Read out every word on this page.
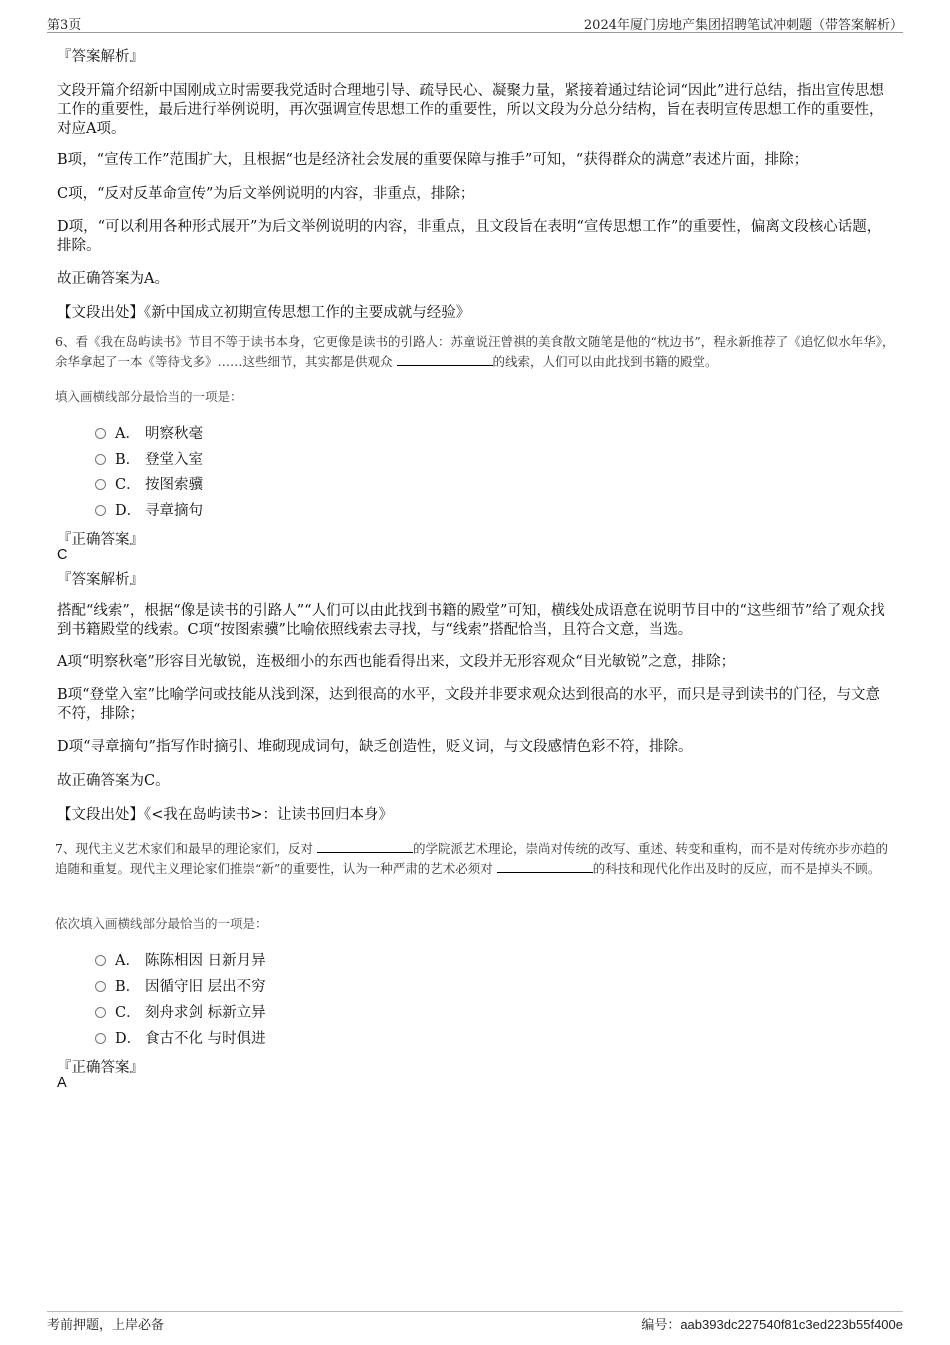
第3页	2024年厦门房地产集团招聘笔试冲刺题（带答案解析）
『答案解析』
文段开篇介绍新中国刚成立时需要我党适时合理地引导、疏导民心、凝聚力量，紧接着通过结论词“因此”进行总结，指出宣传思想工作的重要性，最后进行举例说明，再次强调宣传思想工作的重要性，所以文段为分总分结构，旨在表明宣传思想工作的重要性，对应A项。
B项，“宣传工作”范围扩大，且根据“也是经济社会发展的重要保障与推手”可知，“获得群众的满意”表述片面，排除；
C项，“反对反革命宣传”为后文举例说明的内容，非重点，排除；
D项，“可以利用各种形式展开”为后文举例说明的内容，非重点，且文段旨在表明“宣传思想工作”的重要性，偏离文段核心话题，排除。
故正确答案为A。
【文段出处】《新中国成立初期宣传思想工作的主要成就与经验》
6、看《我在岛屿读书》节目不等于读书本身，它更像是读书的引路人：苏童说汪曾祺的美食散文随笔是他的“枕边书”，程永新推荐了《追忆似水年华》，余华拿起了一本《等待戈多》……这些细节，其实都是供观众	的线索，人们可以由此找到书籍的殿堂。
填入画横线部分最恰当的一项是：
A． 明察秋毫
B． 登堂入室
C． 按图索骥
D． 寻章摘句
『正确答案』
C
『答案解析』
搭配“线索”，根据“像是读书的引路人”“人们可以由此找到书籍的殿堂”可知，横线处成语意在说明节目中的“这些细节”给了观众找到书籍殿堂的线索。C项“按图索骥”比喻依照线索去寻找，与“线索”搭配恰当，且符合文意，当选。
A项“明察秋毫”形容目光敏锐，连极细小的东西也能看得出来，文段并无形容观众“目光敏锐”之意，排除；
B项“登堂入室”比喻学问或技能从浅到深，达到很高的水平，文段并非要求观众达到很高的水平，而只是寻到读书的门径，与文意不符，排除；
D项“寻章摘句”指写作时摘引、堆砌现成词句，缺乏创造性，贬义词，与文段感情色彩不符，排除。
故正确答案为C。
【文段出处】《<我在岛屿读书>：让读书回归本身》
7、现代主义艺术家们和最早的理论家们，反对	的学院派艺术理论，崇尚对传统的改写、重述、转变和重构，而不是对传统亦步亦趋的追随和重复。现代主义理论家们推崇“新”的重要性，认为一种严肃的艺术必须对	的科技和现代化作出及时的反应，而不是掉头不顾。
依次填入画横线部分最恰当的一项是：
A． 陈陈相因 日新月异
B． 因循守旧 层出不穷
C． 刻舟求剑 标新立异
D． 食古不化 与时俱进
『正确答案』
A
考前押题，上岸必备	编号：aab393dc227540f81c3ed223b55f400e
